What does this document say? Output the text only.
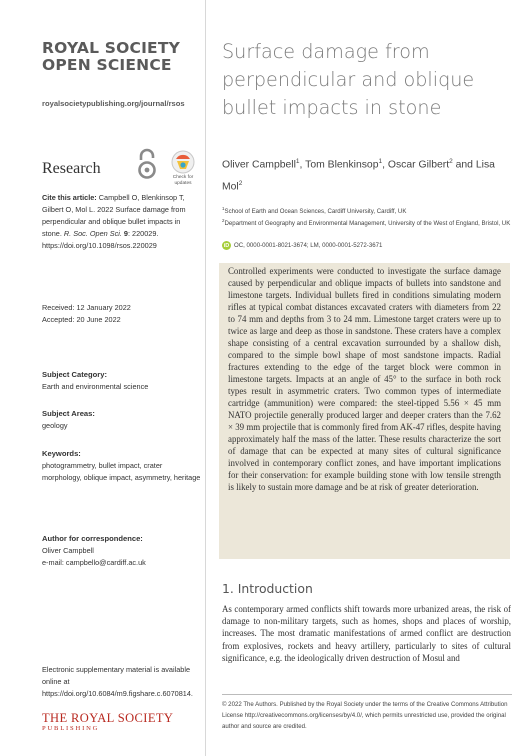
ROYAL SOCIETY
OPEN SCIENCE
royalsocietypublishing.org/journal/rsos
Research
Check for updates
Cite this article: Campbell O, Blenkinsop T, Gilbert O, Mol L. 2022 Surface damage from perpendicular and oblique bullet impacts in stone. R. Soc. Open Sci. 9: 220029.
https://doi.org/10.1098/rsos.220029
Received: 12 January 2022
Accepted: 20 June 2022
Subject Category:
Earth and environmental science
Subject Areas:
geology
Keywords:
photogrammetry, bullet impact, crater morphology, oblique impact, asymmetry, heritage
Author for correspondence:
Oliver Campbell
e-mail: campbello@cardiff.ac.uk
Electronic supplementary material is available online at https://doi.org/10.6084/m9.figshare.c.6070814.
THE ROYAL SOCIETY
PUBLISHING
Surface damage from perpendicular and oblique bullet impacts in stone
Oliver Campbell$^1$, Tom Blenkinsop$^1$, Oscar Gilbert$^2$ and Lisa Mol$^2$
$^1$School of Earth and Ocean Sciences, Cardiff University, Cardiff, UK
$^2$Department of Geography and Environmental Management, University of the West of England, Bristol, UK
iD OC, 0000-0001-8021-3674; LM, 0000-0001-5272-3671
Controlled experiments were conducted to investigate the surface damage caused by perpendicular and oblique impacts of bullets into sandstone and limestone targets. Individual bullets fired in conditions simulating modern rifles at typical combat distances excavated craters with diameters from 22 to 74 mm and depths from 3 to 24 mm. Limestone target craters were up to twice as large and deep as those in sandstone. These craters have a complex shape consisting of a central excavation surrounded by a shallow dish, compared to the simple bowl shape of most sandstone impacts. Radial fractures extending to the edge of the target block were common in limestone targets. Impacts at an angle of 45° to the surface in both rock types result in asymmetric craters. Two common types of intermediate cartridge (ammunition) were compared: the steel-tipped 5.56 × 45 mm NATO projectile generally produced larger and deeper craters than the 7.62 × 39 mm projectile that is commonly fired from AK-47 rifles, despite having approximately half the mass of the latter. These results characterize the sort of damage that can be expected at many sites of cultural significance involved in contemporary conflict zones, and have important implications for their conservation: for example building stone with low tensile strength is likely to sustain more damage and be at risk of greater deterioration.
1. Introduction
As contemporary armed conflicts shift towards more urbanized areas, the risk of damage to non-military targets, such as homes, shops and places of worship, increases. The most dramatic manifestations of armed conflict are destruction from explosives, rockets and heavy artillery, particularly to sites of cultural significance, e.g. the ideologically driven destruction of Mosul and
© 2022 The Authors. Published by the Royal Society under the terms of the Creative Commons Attribution License http://creativecommons.org/licenses/by/4.0/, which permits unrestricted use, provided the original author and source are credited.
